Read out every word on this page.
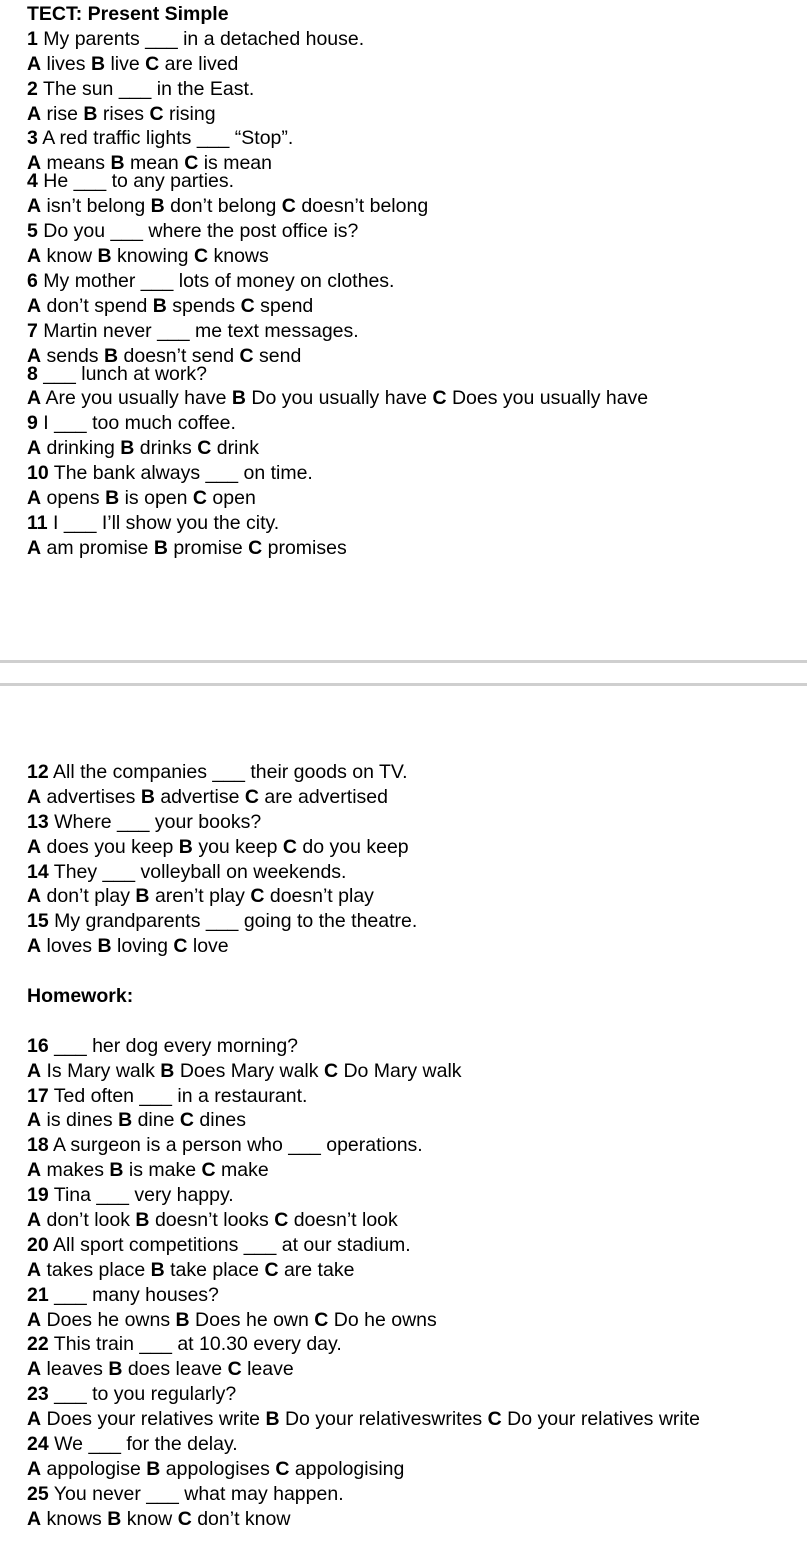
TECT: Present Simple
1 My parents ___ in a detached house.
A lives B live C are lived
2 The sun ___ in the East.
A rise B rises C rising
3 A red traffic lights ___ “Stop”.
A means B mean C is mean
4 He ___ to any parties.
A isn’t belong B don’t belong C doesn’t belong
5 Do you ___ where the post office is?
A know B knowing C knows
6 My mother ___ lots of money on clothes.
A don’t spend B spends C spend
7 Martin never ___ me text messages.
A sends B doesn’t send C send
8 ___ lunch at work?
A Are you usually have B Do you usually have C Does you usually have
9 I ___ too much coffee.
A drinking B drinks C drink
10 The bank always ___ on time.
A opens B is open C open
11 I ___ I’ll show you the city.
A am promise B promise C promises
12 All the companies ___ their goods on TV.
A advertises B advertise C are advertised
13 Where ___ your books?
A does you keep B you keep C do you keep
14 They ___ volleyball on weekends.
A don’t play B aren’t play C doesn’t play
15 My grandparents ___ going to the theatre.
A loves B loving C love
Homework:
16 ___ her dog every morning?
A Is Mary walk B Does Mary walk C Do Mary walk
17 Ted often ___ in a restaurant.
A is dines B dine C dines
18 A surgeon is a person who ___ operations.
A makes B is make C make
19 Tina ___ very happy.
A don’t look B doesn’t looks C doesn’t look
20 All sport competitions ___ at our stadium.
A takes place B take place C are take
21 ___ many houses?
A Does he owns B Does he own C Do he owns
22 This train ___ at 10.30 every day.
A leaves B does leave C leave
23 ___ to you regularly?
A Does your relatives write B Do your relativeswrites C Do your relatives write
24 We ___ for the delay.
A appologise B appologises C appologising
25 You never ___ what may happen.
A knows B know C don’t know
